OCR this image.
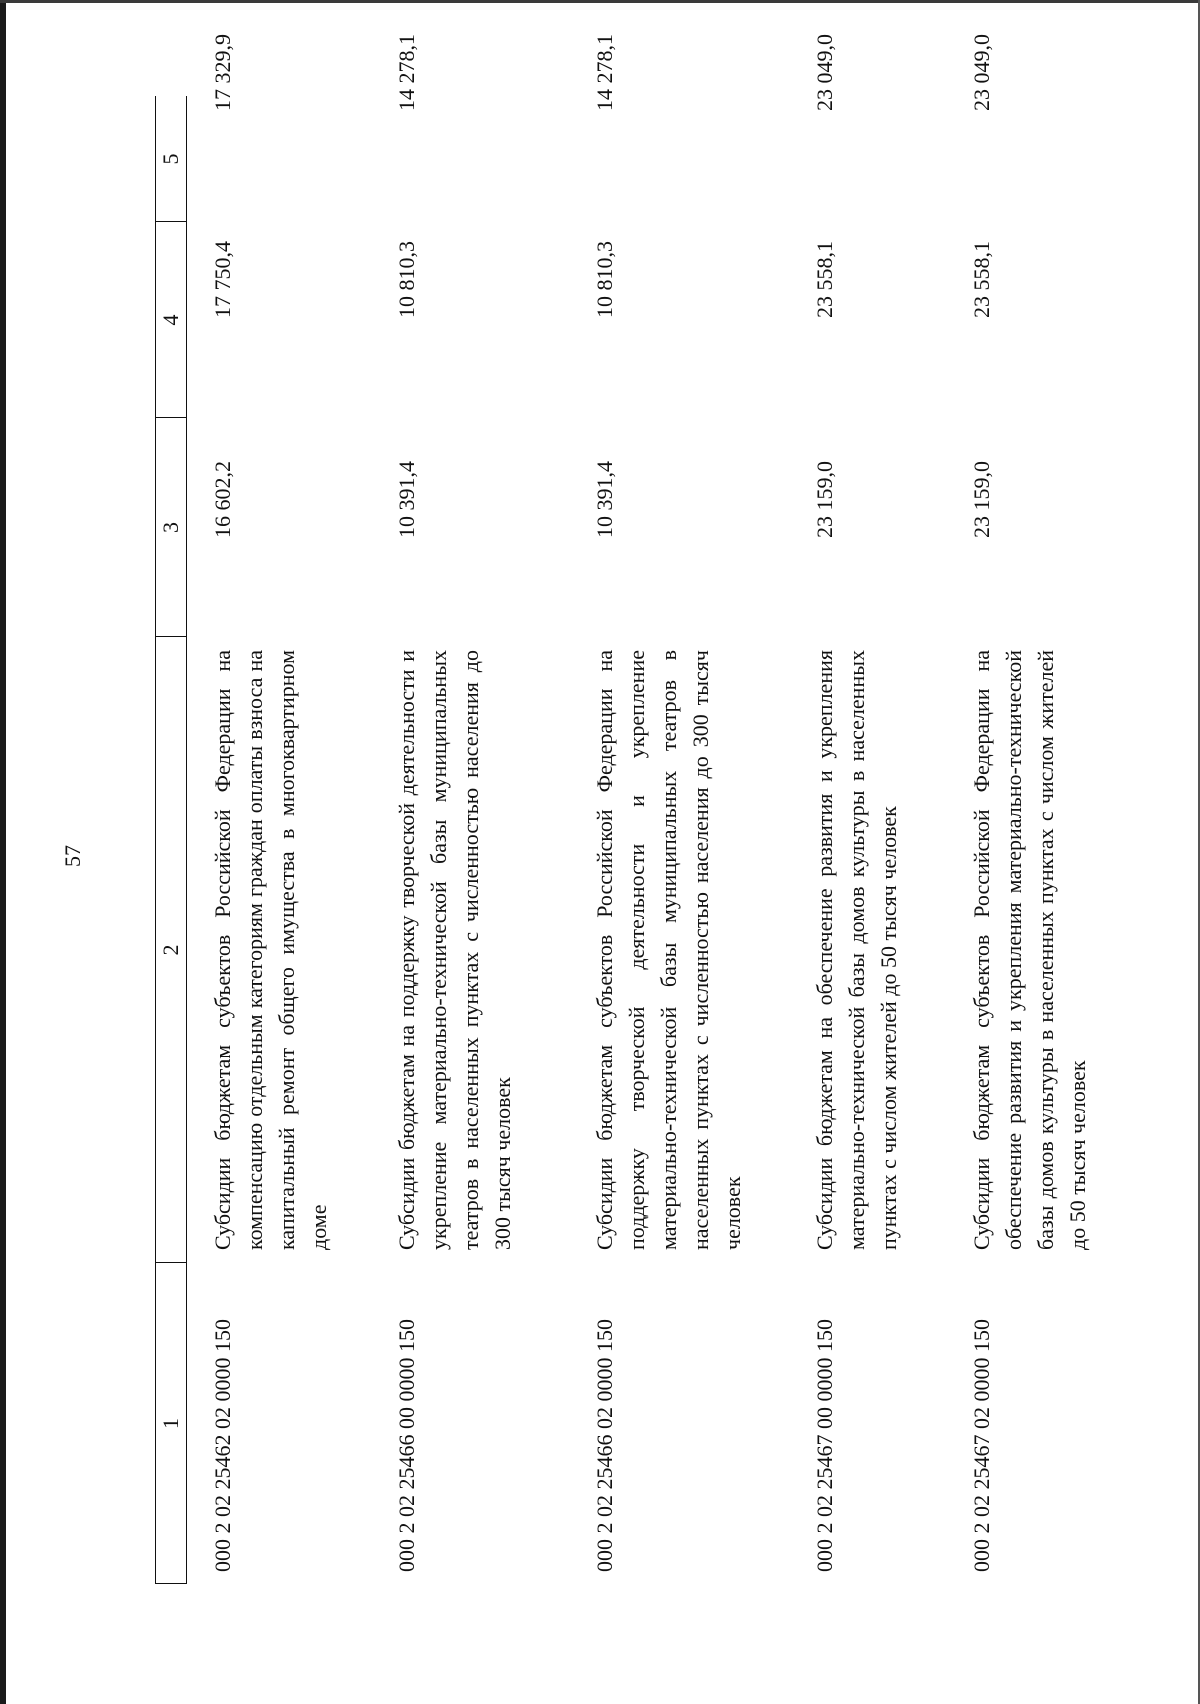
57
1
2
3
4
5
000 2 02 25462 02 0000 150
Субсидии бюджетам субъектов Российской Федерации на компенсацию отдельным категориям граждан оплаты взноса на капитальный ремонт общего имущества в многоквартирном доме
16 602,2
17 750,4
17 329,9
000 2 02 25466 00 0000 150
Субсидии бюджетам на поддержку творческой деятельности и укрепление материально-технической базы муниципальных театров в населенных пунктах с численностью населения до 300 тысяч человек
10 391,4
10 810,3
14 278,1
000 2 02 25466 02 0000 150
Субсидии бюджетам субъектов Российской Федерации на поддержку творческой деятельности и укрепление материально-технической базы муниципальных театров в населенных пунктах с численностью населения до 300 тысяч человек
10 391,4
10 810,3
14 278,1
000 2 02 25467 00 0000 150
Субсидии бюджетам на обеспечение развития и укрепления материально-технической базы домов культуры в населенных пунктах с числом жителей до 50 тысяч человек
23 159,0
23 558,1
23 049,0
000 2 02 25467 02 0000 150
Субсидии бюджетам субъектов Российской Федерации на обеспечение развития и укрепления материально-технической базы домов культуры в населенных пунктах с числом жителей до 50 тысяч человек
23 159,0
23 558,1
23 049,0
